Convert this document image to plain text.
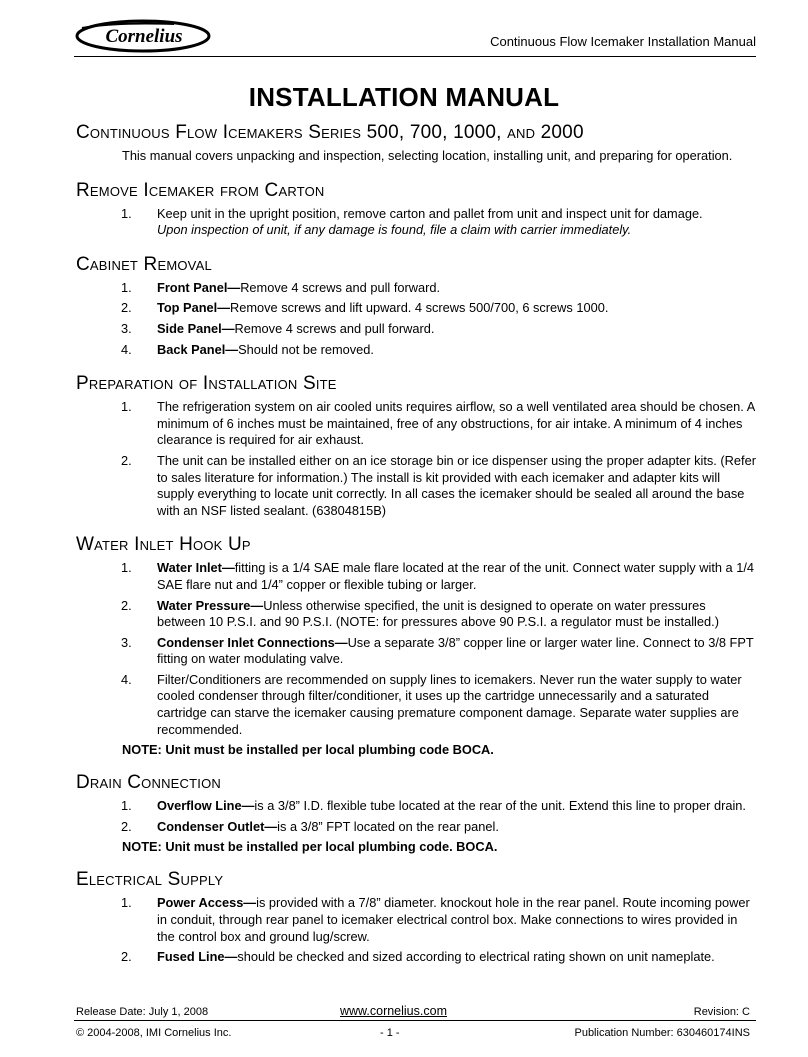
Cornelius	Continuous Flow Icemaker Installation Manual
INSTALLATION MANUAL
Continuous Flow Icemakers Series 500, 700, 1000, and 2000

This manual covers unpacking and inspection, selecting location, installing unit, and preparing for operation.

Remove Icemaker from Carton
1. Keep unit in the upright position, remove carton and pallet from unit and inspect unit for damage.
Upon inspection of unit, if any damage is found, file a claim with carrier immediately.
Cabinet Removal
1. Front Panel—Remove 4 screws and pull forward.
2. Top Panel—Remove screws and lift upward. 4 screws 500/700, 6 screws 1000.
3. Side Panel—Remove 4 screws and pull forward.
4. Back Panel—Should not be removed.
Preparation of Installation Site
1. The refrigeration system on air cooled units requires airflow, so a well ventilated area should be chosen. A minimum of 6 inches must be maintained, free of any obstructions, for air intake. A minimum of 4 inches clearance is required for air exhaust.
2. The unit can be installed either on an ice storage bin or ice dispenser using the proper adapter kits. (Refer to sales literature for information.) The install is kit provided with each icemaker and adapter kits will supply everything to locate unit correctly. In all cases the icemaker should be sealed all around the base with an NSF listed sealant. (63804815B)
Water Inlet Hook Up
1. Water Inlet—fitting is a 1/4 SAE male flare located at the rear of the unit. Connect water supply with a 1/4 SAE flare nut and 1/4” copper or flexible tubing or larger.
2. Water Pressure—Unless otherwise specified, the unit is designed to operate on water pressures between 10 P.S.I. and 90 P.S.I. (NOTE: for pressures above 90 P.S.I. a regulator must be installed.)
3. Condenser Inlet Connections—Use a separate 3/8” copper line or larger water line. Connect to 3/8 FPT fitting on water modulating valve.
4. Filter/Conditioners are recommended on supply lines to icemakers. Never run the water supply to water cooled condenser through filter/conditioner, it uses up the cartridge unnecessarily and a saturated cartridge can starve the icemaker causing premature component damage. Separate water supplies are recommended.
NOTE: Unit must be installed per local plumbing code BOCA.
Drain Connection
1. Overflow Line—is a 3/8” I.D. flexible tube located at the rear of the unit. Extend this line to proper drain.
2. Condenser Outlet—is a 3/8” FPT located on the rear panel.
NOTE: Unit must be installed per local plumbing code. BOCA.
Electrical Supply
1. Power Access—is provided with a 7/8” diameter. knockout hole in the rear panel. Route incoming power in conduit, through rear panel to icemaker electrical control box. Make connections to wires provided in the control box and ground lug/screw.
2. Fused Line—should be checked and sized according to electrical rating shown on unit nameplate.
Release Date: July 1, 2008	www.cornelius.com	Revision: C
© 2004-2008, IMI Cornelius Inc.	- 1 -	Publication Number: 630460174INS
